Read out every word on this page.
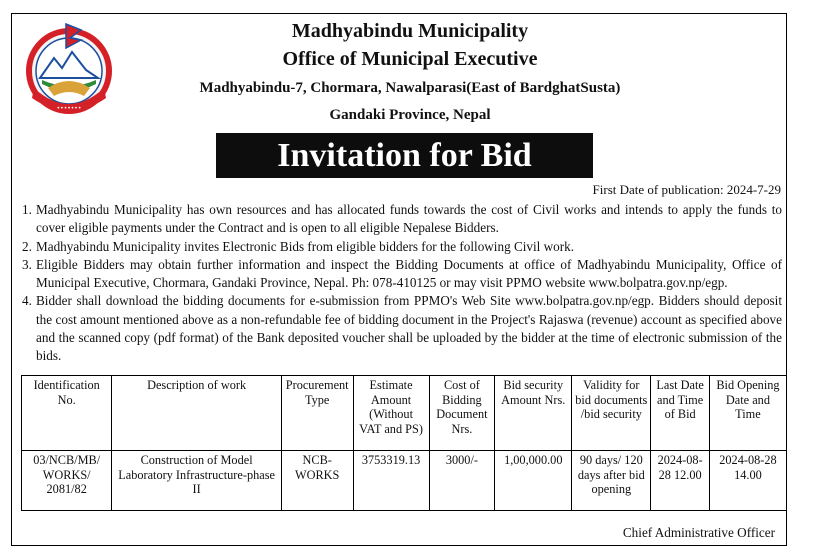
•••••••
Madhyabindu Municipality
Office of Municipal Executive
Madhyabindu-7, Chormara, Nawalparasi(East of BardghatSusta)
Gandaki Province, Nepal
Invitation for Bid
First Date of publication: 2024-7-29
1. Madhyabindu Municipality has own resources and has allocated funds towards the cost of Civil works and intends to apply the funds to cover eligible payments under the Contract and is open to all eligible Nepalese Bidders.
2. Madhyabindu Municipality invites Electronic Bids from eligible bidders for the following Civil work.
3. Eligible Bidders may obtain further information and inspect the Bidding Documents at office of Madhyabindu Municipality, Office of Municipal Executive, Chormara, Gandaki Province, Nepal. Ph: 078-410125 or may visit PPMO website www.bolpatra.gov.np/egp.
4. Bidder shall download the bidding documents for e-submission from PPMO's Web Site www.bolpatra.gov.np/egp. Bidders should deposit the cost amount mentioned above as a non-refundable fee of bidding document in the Project's Rajaswa (revenue) account as specified above and the scanned copy (pdf format) of the Bank deposited voucher shall be uploaded by the bidder at the time of electronic submission of the bids.
Identification No.	Description of work	Procurement Type	Estimate Amount (Without VAT and PS)	Cost of Bidding Document Nrs.	Bid security Amount Nrs.	Validity for bid documents /bid security	Last Date and Time of Bid	Bid Opening Date and Time
03/NCB/MB/ WORKS/ 2081/82	Construction of Model Laboratory Infrastructure-phase II	NCB-WORKS	3753319.13	3000/-	1,00,000.00	90 days/ 120 days after bid opening	2024-08-28 12.00	2024-08-28 14.00
Chief Administrative Officer
